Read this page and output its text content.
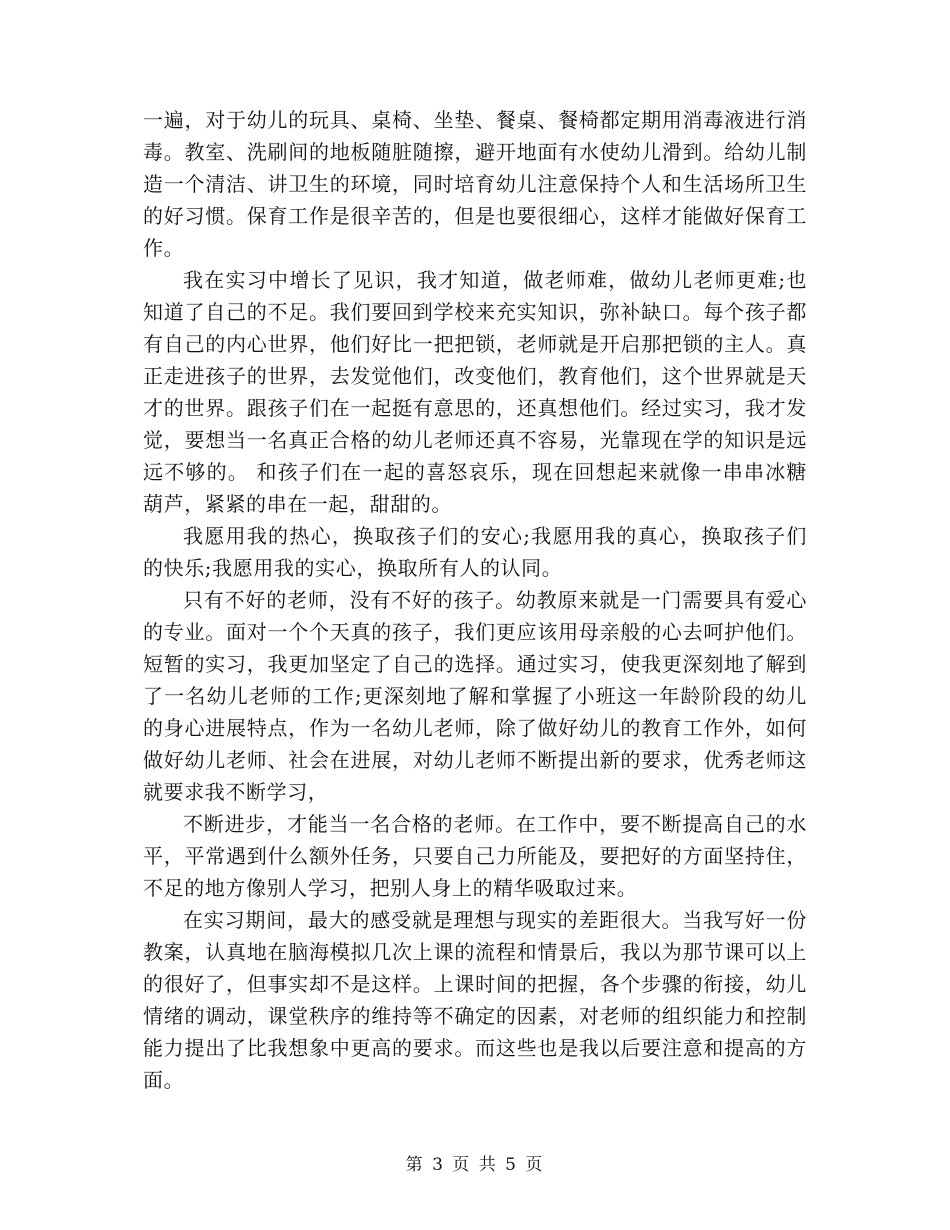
一遍，对于幼儿的玩具、桌椅、坐垫、餐桌、餐椅都定期用消毒液进行消毒。教室、洗刷间的地板随脏随擦，避开地面有水使幼儿滑到。给幼儿制造一个清洁、讲卫生的环境，同时培育幼儿注意保持个人和生活场所卫生的好习惯。保育工作是很辛苦的，但是也要很细心，这样才能做好保育工作。

我在实习中增长了见识，我才知道，做老师难，做幼儿老师更难;也知道了自己的不足。我们要回到学校来充实知识，弥补缺口。每个孩子都有自己的内心世界，他们好比一把把锁，老师就是开启那把锁的主人。真正走进孩子的世界，去发觉他们，改变他们，教育他们，这个世界就是天才的世界。跟孩子们在一起挺有意思的，还真想他们。经过实习，我才发觉，要想当一名真正合格的幼儿老师还真不容易，光靠现在学的知识是远远不够的。 和孩子们在一起的喜怒哀乐，现在回想起来就像一串串冰糖葫芦，紧紧的串在一起，甜甜的。

我愿用我的热心，换取孩子们的安心;我愿用我的真心，换取孩子们的快乐;我愿用我的实心，换取所有人的认同。

只有不好的老师，没有不好的孩子。幼教原来就是一门需要具有爱心的专业。面对一个个天真的孩子，我们更应该用母亲般的心去呵护他们。短暂的实习，我更加坚定了自己的选择。通过实习，使我更深刻地了解到了一名幼儿老师的工作;更深刻地了解和掌握了小班这一年龄阶段的幼儿的身心进展特点，作为一名幼儿老师，除了做好幼儿的教育工作外，如何做好幼儿老师、社会在进展，对幼儿老师不断提出新的要求，优秀老师这就要求我不断学习，

不断进步，才能当一名合格的老师。在工作中，要不断提高自己的水平，平常遇到什么额外任务，只要自己力所能及，要把好的方面坚持住，不足的地方像别人学习，把别人身上的精华吸取过来。

在实习期间，最大的感受就是理想与现实的差距很大。当我写好一份教案，认真地在脑海模拟几次上课的流程和情景后，我以为那节课可以上的很好了，但事实却不是这样。上课时间的把握，各个步骤的衔接，幼儿情绪的调动，课堂秩序的维持等不确定的因素，对老师的组织能力和控制能力提出了比我想象中更高的要求。而这些也是我以后要注意和提高的方面。

第 3 页 共 5 页
